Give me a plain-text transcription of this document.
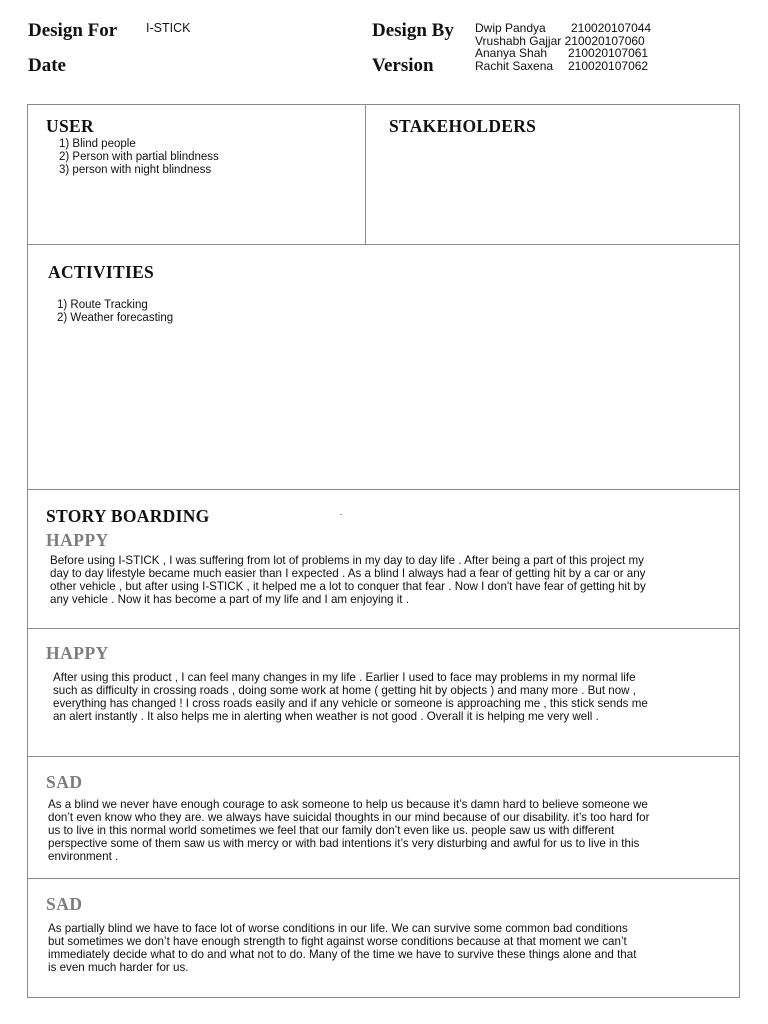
Design For I-STICK
Date
Design By
Version
Dwip Pandya 210020107044
Vrushabh Gajjar 210020107060
Ananya Shah 210020107061
Rachit Saxena 210020107062
USER
1) Blind people
2) Person with partial blindness
3) person with night blindness
STAKEHOLDERS
ACTIVITIES
1) Route Tracking
2) Weather forecasting
STORY BOARDING
HAPPY
Before using I-STICK , I was suffering from lot of problems in my day to day life . After being a part of this project my
day to day lifestyle became much easier than I expected . As a blind I always had a fear of getting hit by a car or any
other vehicle , but after using I-STICK , it helped me a lot to conquer that fear . Now I don't have fear of getting hit by
any vehicle . Now it has become a part of my life and I am enjoying it .
HAPPY
After using this product , I can feel many changes in my life . Earlier I used to face may problems in my normal life
such as difficulty in crossing roads , doing some work at home ( getting hit by objects ) and many more . But now ,
everything has changed ! I cross roads easily and if any vehicle or someone is approaching me , this stick sends me
an alert instantly . It also helps me in alerting when weather is not good . Overall it is helping me very well .
SAD
As a blind we never have enough courage to ask someone to help us because it’s damn hard to believe someone we
don’t even know who they are. we always have suicidal thoughts in our mind because of our disability. it’s too hard for
us to live in this normal world sometimes we feel that our family don’t even like us. people saw us with different
perspective some of them saw us with mercy or with bad intentions it’s very disturbing and awful for us to live in this
environment .
SAD
As partially blind we have to face lot of worse conditions in our life. We can survive some common bad conditions
but sometimes we don’t have enough strength to fight against worse conditions because at that moment we can’t
immediately decide what to do and what not to do. Many of the time we have to survive these things alone and that
is even much harder for us.
